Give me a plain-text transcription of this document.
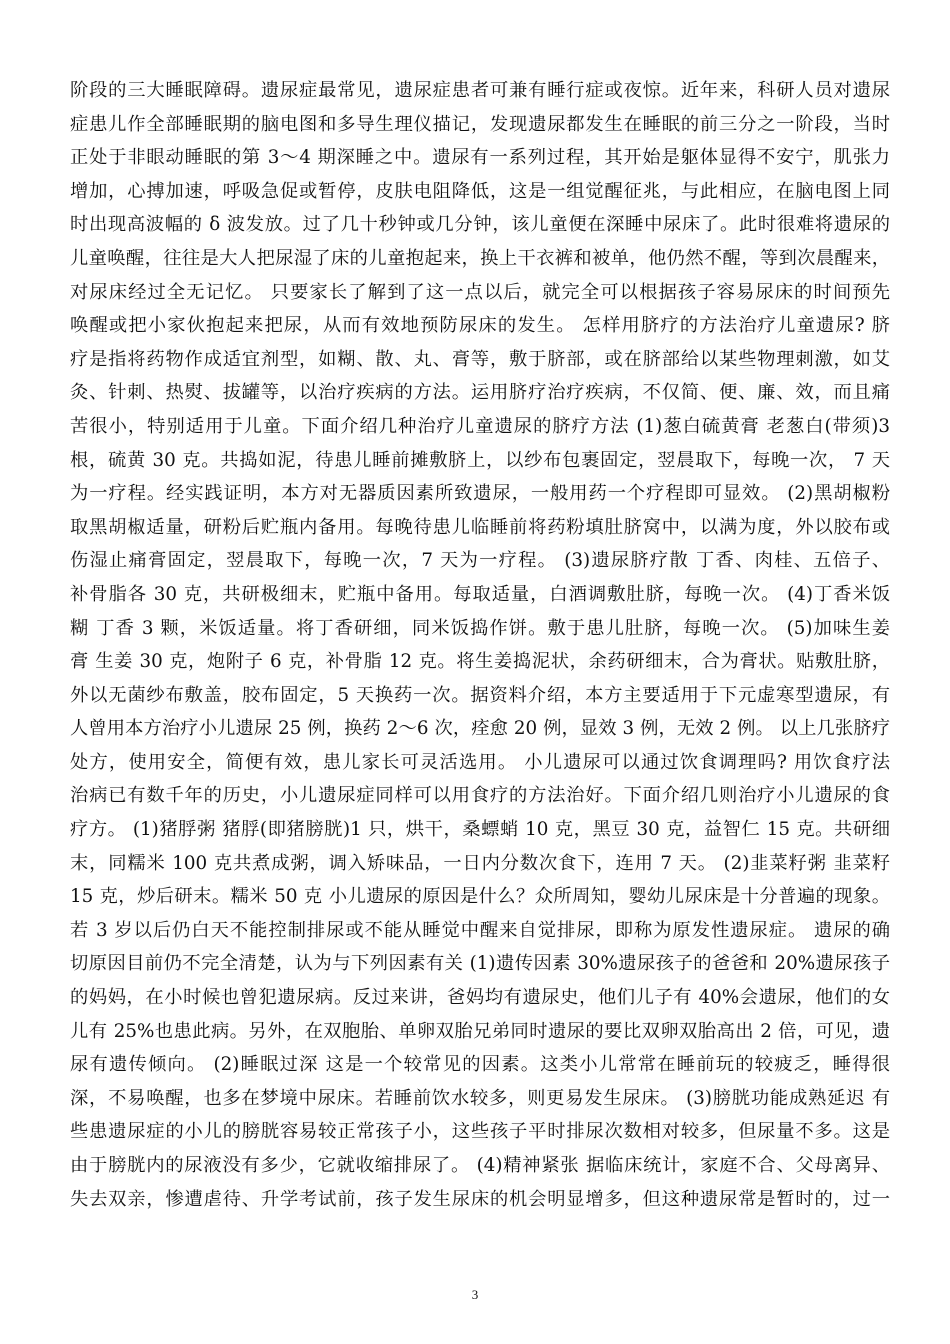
阶段的三大睡眠障碍。遗尿症最常见，遗尿症患者可兼有睡行症或夜惊。近年来，科研人员对遗尿
症患儿作全部睡眠期的脑电图和多导生理仪描记，发现遗尿都发生在睡眠的前三分之一阶段，当时
正处于非眼动睡眠的第 3～4 期深睡之中。遗尿有一系列过程，其开始是躯体显得不安宁，肌张力
增加，心搏加速，呼吸急促或暂停，皮肤电阻降低，这是一组觉醒征兆，与此相应，在脑电图上同
时出现高波幅的 δ 波发放。过了几十秒钟或几分钟，该儿童便在深睡中尿床了。此时很难将遗尿的
儿童唤醒，往往是大人把尿湿了床的儿童抱起来，换上干衣裤和被单，他仍然不醒，等到次晨醒来，
对尿床经过全无记忆。 只要家长了解到了这一点以后，就完全可以根据孩子容易尿床的时间预先
唤醒或把小家伙抱起来把尿，从而有效地预防尿床的发生。 怎样用脐疗的方法治疗儿童遗尿? 脐
疗是指将药物作成适宜剂型，如糊、散、丸、膏等，敷于脐部，或在脐部给以某些物理刺激，如艾
灸、针刺、热熨、拔罐等，以治疗疾病的方法。运用脐疗治疗疾病，不仅简、便、廉、效，而且痛
苦很小，特别适用于儿童。下面介绍几种治疗儿童遗尿的脐疗方法 (1)葱白硫黄膏 老葱白(带须)3
根，硫黄 30 克。共捣如泥，待患儿睡前摊敷脐上，以纱布包裹固定，翌晨取下，每晚一次， 7 天
为一疗程。经实践证明，本方对无器质因素所致遗尿，一般用药一个疗程即可显效。 (2)黑胡椒粉
取黑胡椒适量，研粉后贮瓶内备用。每晚待患儿临睡前将药粉填肚脐窝中，以满为度，外以胶布或
伤湿止痛膏固定，翌晨取下，每晚一次，7 天为一疗程。 (3)遗尿脐疗散 丁香、肉桂、五倍子、
补骨脂各 30 克，共研极细末，贮瓶中备用。每取适量，白酒调敷肚脐，每晚一次。 (4)丁香米饭
糊 丁香 3 颗，米饭适量。将丁香研细，同米饭捣作饼。敷于患儿肚脐，每晚一次。 (5)加味生姜
膏 生姜 30 克，炮附子 6 克，补骨脂 12 克。将生姜捣泥状，余药研细末，合为膏状。贴敷肚脐，
外以无菌纱布敷盖，胶布固定，5 天换药一次。据资料介绍，本方主要适用于下元虚寒型遗尿，有
人曾用本方治疗小儿遗尿 25 例，换药 2～6 次，痊愈 20 例，显效 3 例，无效 2 例。 以上几张脐疗
处方，使用安全，简便有效，患儿家长可灵活选用。 小儿遗尿可以通过饮食调理吗? 用饮食疗法
治病已有数千年的历史，小儿遗尿症同样可以用食疗的方法治好。下面介绍几则治疗小儿遗尿的食
疗方。 (1)猪脬粥 猪脬(即猪膀胱)1 只，烘干，桑螵蛸 10 克，黑豆 30 克，益智仁 15 克。共研细
末，同糯米 100 克共煮成粥，调入矫味品，一日内分数次食下，连用 7 天。 (2)韭菜籽粥 韭菜籽
15 克，炒后研末。糯米 50 克 小儿遗尿的原因是什么？众所周知，婴幼儿尿床是十分普遍的现象。
若 3 岁以后仍白天不能控制排尿或不能从睡觉中醒来自觉排尿，即称为原发性遗尿症。 遗尿的确
切原因目前仍不完全清楚，认为与下列因素有关 (1)遗传因素 30%遗尿孩子的爸爸和 20%遗尿孩子
的妈妈，在小时候也曾犯遗尿病。反过来讲，爸妈均有遗尿史，他们儿子有 40%会遗尿，他们的女
儿有 25%也患此病。另外，在双胞胎、单卵双胎兄弟同时遗尿的要比双卵双胎高出 2 倍，可见，遗
尿有遗传倾向。 (2)睡眠过深 这是一个较常见的因素。这类小儿常常在睡前玩的较疲乏，睡得很
深，不易唤醒，也多在梦境中尿床。若睡前饮水较多，则更易发生尿床。 (3)膀胱功能成熟延迟 有
些患遗尿症的小儿的膀胱容易较正常孩子小，这些孩子平时排尿次数相对较多，但尿量不多。这是
由于膀胱内的尿液没有多少，它就收缩排尿了。 (4)精神紧张 据临床统计，家庭不合、父母离异、
失去双亲，惨遭虐待、升学考试前，孩子发生尿床的机会明显增多，但这种遗尿常是暂时的，过一
3
